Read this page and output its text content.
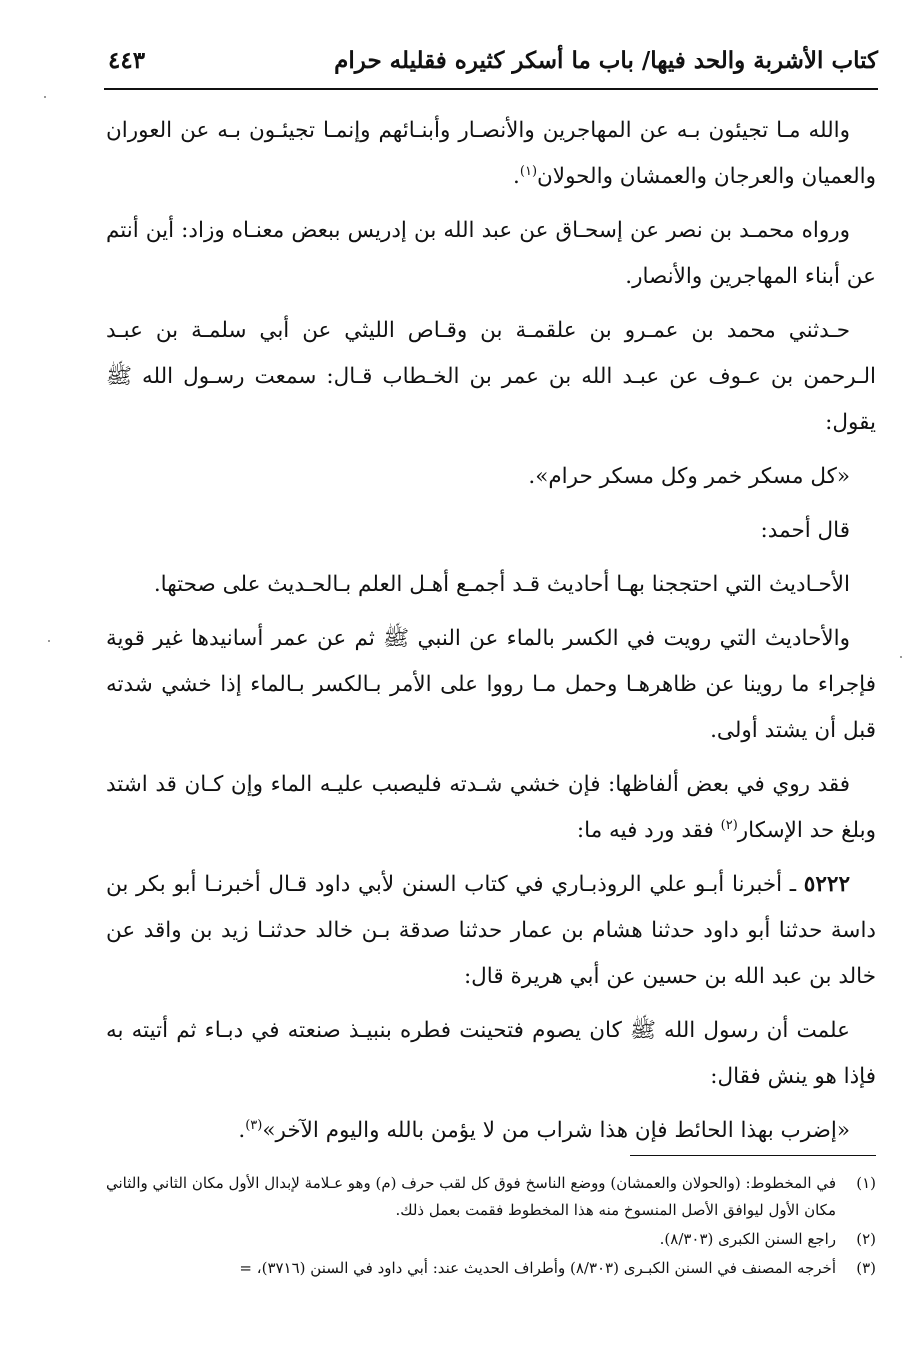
كتاب الأشربة والحد فيها/ باب ما أسكر كثيره فقليله حرام
٤٤٣

والله مـا تجيئون بـه عن المهاجرين والأنصـار وأبنـائهم وإنمـا تجيئـون بـه عن العوران والعميان والعرجان والعمشان والحولان$^{(١)}$.

ورواه محمـد بن نصر عن إسحـاق عن عبد الله بن إدريس ببعض معنـاه وزاد: أين أنتم عن أبناء المهاجرين والأنصار.

حـدثني محمد بن عمـرو بن علقمـة بن وقـاص الليثي عن أبي سلمـة بن عبـد الـرحمن بن عـوف عن عبـد الله بن عمر بن الخـطاب قـال: سمعت رسـول الله ﷺ يقول:

«كل مسكر خمر وكل مسكر حرام».

قال أحمد:

الأحـاديث التي احتججنا بهـا أحاديث قـد أجمـع أهـل العلم بـالحـديث على صحتها.

والأحاديث التي رويت في الكسر بالماء عن النبي ﷺ ثم عن عمر أسانيدها غير قوية فإجراء ما روينا عن ظاهرهـا وحمل مـا رووا على الأمر بـالكسر بـالماء إذا خشي شدته قبل أن يشتد أولى.

فقد روي في بعض ألفاظها: فإن خشي شـدته فليصبب عليـه الماء وإن كـان قد اشتد وبلغ حد الإسكار$^{(٢)}$ فقد ورد فيه ما:

٥٢٢٢ ـ أخبرنا أبـو علي الروذبـاري في كتاب السنن لأبي داود قـال أخبرنـا أبو بكر بن داسة حدثنا أبو داود حدثنا هشام بن عمار حدثنا صدقة بـن خالد حدثنـا زيد بن واقد عن خالد بن عبد الله بن حسين عن أبي هريرة قال:

علمت أن رسول الله ﷺ كان يصوم فتحينت فطره بنبيـذ صنعته في دبـاء ثم أتيته به فإذا هو ينش فقال:

«إضرب بهذا الحائط فإن هذا شراب من لا يؤمن بالله واليوم الآخر»$^{(٣)}$.

(١)
في المخطوط: (والحولان والعمشان) ووضع الناسخ فوق كل لقب حرف (م) وهو عـلامة لإبدال الأول مكان الثاني والثاني مكان الأول ليوافق الأصل المنسوخ منه هذا المخطوط فقمت بعمل ذلك.
(٢)
راجع السنن الكبرى (٨/٣٠٣).
(٣)
أخرجه المصنف في السنن الكبـرى (٨/٣٠٣) وأطراف الحديث عند: أبي داود في السنن (٣٧١٦)، =
